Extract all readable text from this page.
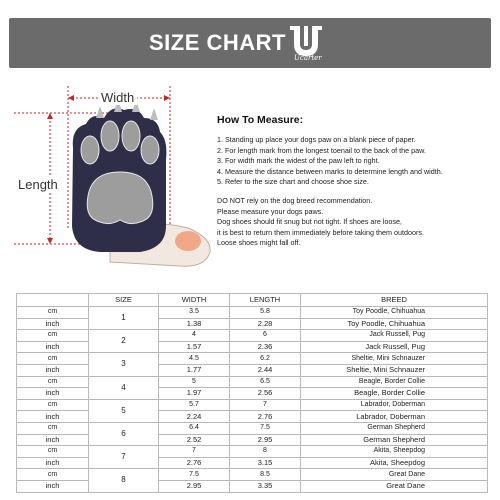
SIZE CHART
Ucarter
Width
Length
How To Measure:
1. Standing up place your dogs paw on a blank piece of paper.
2. For length mark from the longest toenail to the back of the paw.
3. For width mark the widest of the paw left to right.
4. Measure the distance between marks to determine length and width.
5. Refer to the size chart and choose shoe size.
DO NOT rely on the dog breed recommendation.
Please measure your dogs paws.
Dog shoes should fit snug but not tight. If shoes are loose,
it is best to return them immediately before taking them outdoors.
Loose shoes might fall off.
	SIZE	WIDTH	LENGTH	BREED
cm	1	3.5	5.8	Toy Poodle, Chihuahua
inch		1.38	2.28	Toy Poodle, Chihuahua
cm	2	4	6	Jack Russell, Pug
inch		1.57	2.36	Jack Russell, Pug
cm	3	4.5	6.2	Sheltie, Mini Schnauzer
inch		1.77	2.44	Sheltie, Mini Schnauzer
cm	4	5	6.5	Beagle, Border Collie
inch		1.97	2.56	Beagle, Border Collie
cm	5	5.7	7	Labrador, Doberman
inch		2.24	2.76	Labrador, Doberman
cm	6	6.4	7.5	German Shepherd
inch		2.52	2.95	German Shepherd
cm	7	7	8	Akita, Sheepdog
inch		2.76	3.15	Akita, Sheepdog
cm	8	7.5	8.5	Great Dane
inch		2.95	3.35	Great Dane
